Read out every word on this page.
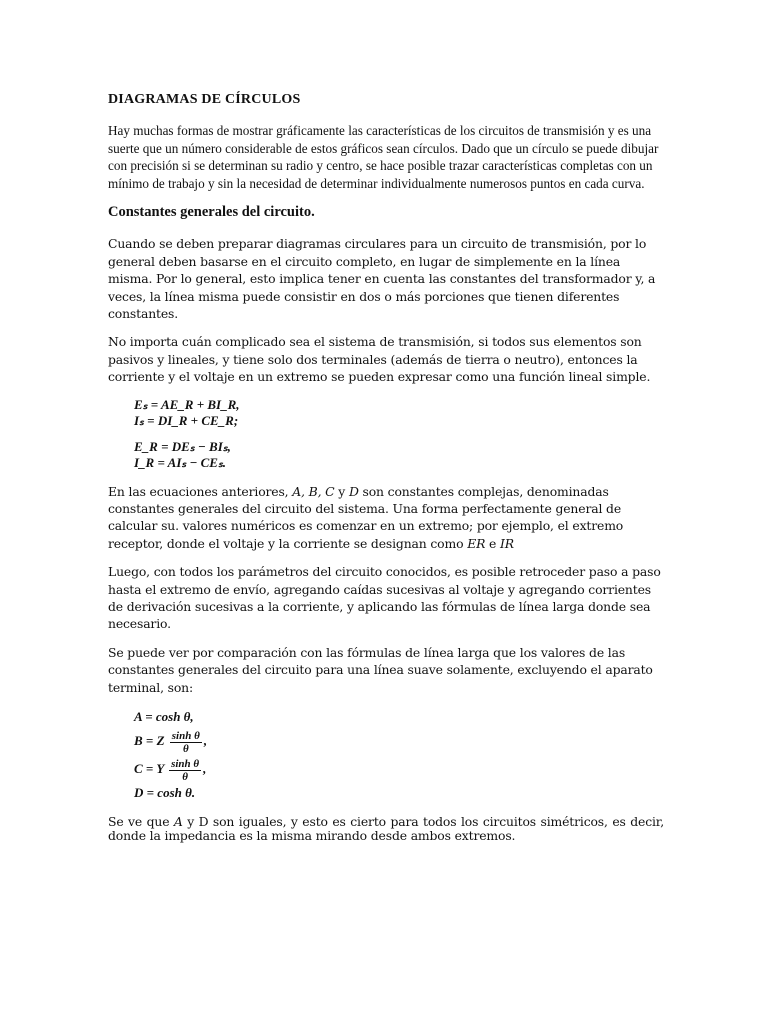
DIAGRAMAS DE CÍRCULOS

Hay muchas formas de mostrar gráficamente las características de los circuitos de transmisión y es una suerte que un número considerable de estos gráficos sean círculos. Dado que un círculo se puede dibujar con precisión si se determinan su radio y centro, se hace posible trazar características completas con un mínimo de trabajo y sin la necesidad de determinar individualmente numerosos puntos en cada curva.

Constantes generales del circuito.

Cuando se deben preparar diagramas circulares para un circuito de transmisión, por lo general deben basarse en el circuito completo, en lugar de simplemente en la línea misma. Por lo general, esto implica tener en cuenta las constantes del transformador y, a veces, la línea misma puede consistir en dos o más porciones que tienen diferentes constantes.

No importa cuán complicado sea el sistema de transmisión, si todos sus elementos son pasivos y lineales, y tiene solo dos terminales (además de tierra o neutro), entonces la corriente y el voltaje en un extremo se pueden expresar como una función lineal simple.

Eₛ = AE_R + BI_R,
Iₛ = DI_R + CE_R;
E_R = DEₛ − BIₛ,
I_R = AIₛ − CEₛ.

En las ecuaciones anteriores, A, B, C y D son constantes complejas, denominadas constantes generales del circuito del sistema. Una forma perfectamente general de calcular su. valores numéricos es comenzar en un extremo; por ejemplo, el extremo receptor, donde el voltaje y la corriente se designan como ER e IR

Luego, con todos los parámetros del circuito conocidos, es posible retroceder paso a paso hasta el extremo de envío, agregando caídas sucesivas al voltaje y agregando corrientes de derivación sucesivas a la corriente, y aplicando las fórmulas de línea larga donde sea necesario.

Se puede ver por comparación con las fórmulas de línea larga que los valores de las constantes generales del circuito para una línea suave solamente, excluyendo el aparato terminal, son:

A = cosh θ,
B = Z $\frac{\text{sinh θ}}{\theta}$ ,
C = Y $\frac{\text{sinh θ}}{\theta}$ ,
D = cosh θ.

Se ve que A y D son iguales, y esto es cierto para todos los circuitos simétricos, es decir, donde la impedancia es la misma mirando desde ambos extremos.
